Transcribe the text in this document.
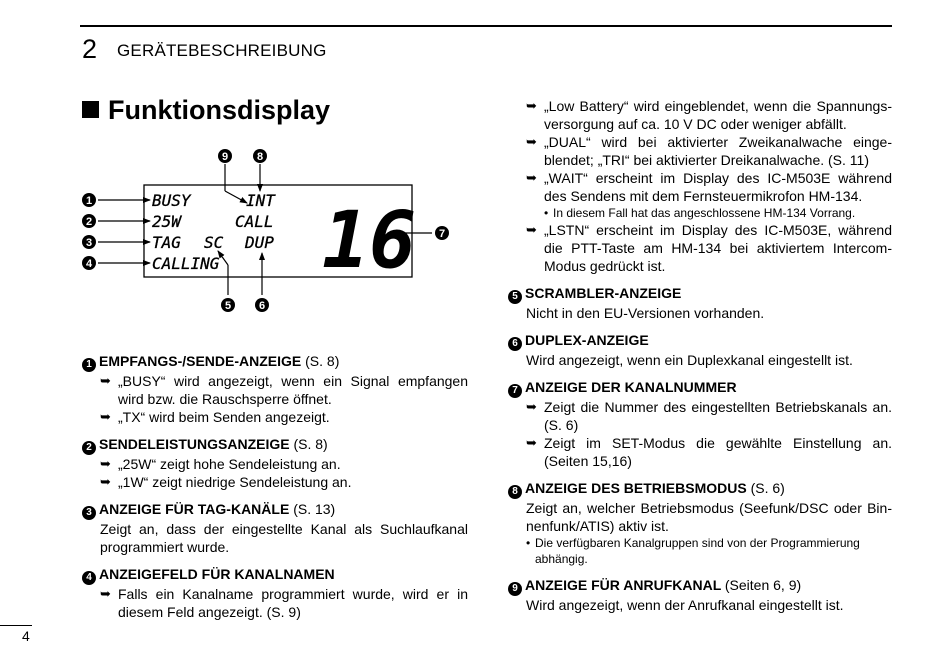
2 GERÄTEBESCHREIBUNG
Funktionsdisplay
1
2
3
4
5	6
7
8
9
BUSY	INT
25W	CALL
TAG SC DUP
CALLING 16
1 EMPFANGS-/SENDE-ANZEIGE (S. 8)
➥ „BUSY“ wird angezeigt, wenn ein Signal empfangen wird bzw. die Rauschsperre öffnet.
➥ „TX“ wird beim Senden angezeigt.
2 SENDELEISTUNGSANZEIGE (S. 8)
➥ „25W“ zeigt hohe Sendeleistung an.
➥ „1W“ zeigt niedrige Sendeleistung an.
3 ANZEIGE FÜR TAG-KANÄLE (S. 13)
Zeigt an, dass der eingestellte Kanal als Suchlaufkanal programmiert wurde.
4 ANZEIGEFELD FÜR KANALNAMEN
➥ Falls ein Kanalname programmiert wurde, wird er in diesem Feld angezeigt. (S. 9)
➥ „Low Battery“ wird eingeblendet, wenn die Spannungs-versorgung auf ca. 10 V DC oder weniger abfällt.
➥ „DUAL“ wird bei aktivierter Zweikanalwache einge-blendet; „TRI“ bei aktivierter Dreikanalwache. (S. 11)
➥ „WAIT“ erscheint im Display des IC-M503E während des Sendens mit dem Fernsteuermikrofon HM-134.
• In diesem Fall hat das angeschlossene HM-134 Vorrang.
➥ „LSTN“ erscheint im Display des IC-M503E, während die PTT-Taste am HM-134 bei aktiviertem Intercom-Modus gedrückt ist.
5 SCRAMBLER-ANZEIGE
Nicht in den EU-Versionen vorhanden.
6 DUPLEX-ANZEIGE
Wird angezeigt, wenn ein Duplexkanal eingestellt ist.
7 ANZEIGE DER KANALNUMMER
➥ Zeigt die Nummer des eingestellten Betriebskanals an. (S. 6)
➥ Zeigt im SET-Modus die gewählte Einstellung an. (Seiten 15,16)
8 ANZEIGE DES BETRIEBSMODUS (S. 6)
Zeigt an, welcher Betriebsmodus (Seefunk/DSC oder Bin-nenfunk/ATIS) aktiv ist.
• Die verfügbaren Kanalgruppen sind von der Programmierung abhängig.
9 ANZEIGE FÜR ANRUFKANAL (Seiten 6, 9)
Wird angezeigt, wenn der Anrufkanal eingestellt ist.
4
